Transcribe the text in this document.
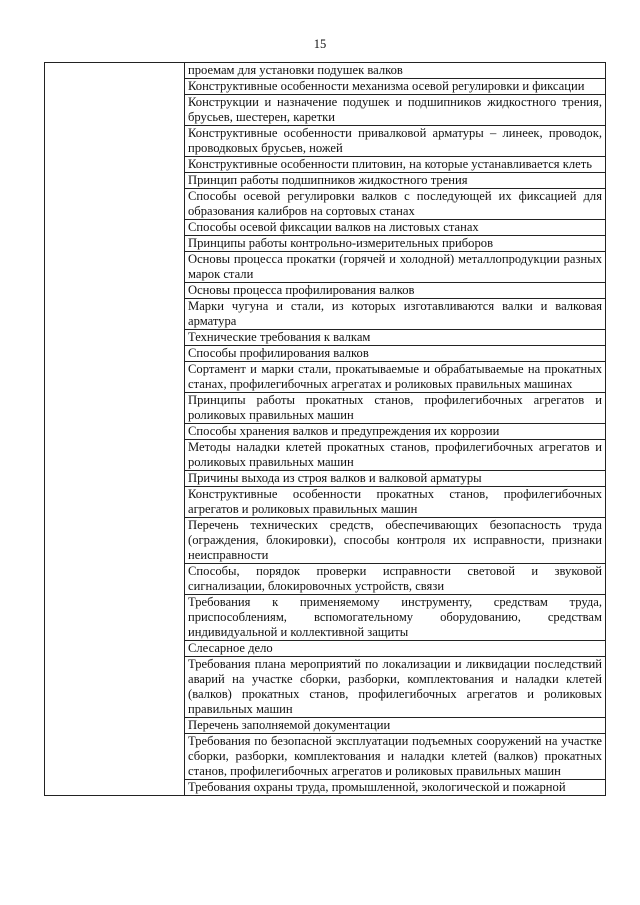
15
	проемам для установки подушек валков
Конструктивные особенности механизма осевой регулировки и фиксации
Конструкции и назначение подушек и подшипников жидкостного трения, брусьев, шестерен, каретки
Конструктивные особенности привалковой арматуры – линеек, проводок, проводковых брусьев, ножей
Конструктивные особенности плитовин, на которые устанавливается клеть
Принцип работы подшипников жидкостного трения
Способы осевой регулировки валков с последующей их фиксацией для образования калибров на сортовых станах
Способы осевой фиксации валков на листовых станах
Принципы работы контрольно-измерительных приборов
Основы процесса прокатки (горячей и холодной) металлопродукции разных марок стали
Основы процесса профилирования валков
Марки чугуна и стали, из которых изготавливаются валки и валковая арматура
Технические требования к валкам
Способы профилирования валков
Сортамент и марки стали, прокатываемые и обрабатываемые на прокатных станах, профилегибочных агрегатах и роликовых правильных машинах
Принципы работы прокатных станов, профилегибочных агрегатов и роликовых правильных машин
Способы хранения валков и предупреждения их коррозии
Методы наладки клетей прокатных станов, профилегибочных агрегатов и роликовых правильных машин
Причины выхода из строя валков и валковой арматуры
Конструктивные особенности прокатных станов, профилегибочных агрегатов и роликовых правильных машин
Перечень технических средств, обеспечивающих безопасность труда (ограждения, блокировки), способы контроля их исправности, признаки неисправности
Способы, порядок проверки исправности световой и звуковой сигнализации, блокировочных устройств, связи
Требования к применяемому инструменту, средствам труда, приспособлениям, вспомогательному оборудованию, средствам индивидуальной и коллективной защиты
Слесарное дело
Требования плана мероприятий по локализации и ликвидации последствий аварий на участке сборки, разборки, комплектования и наладки клетей (валков) прокатных станов, профилегибочных агрегатов и роликовых правильных машин
Перечень заполняемой документации
Требования по безопасной эксплуатации подъемных сооружений на участке сборки, разборки, комплектования и наладки клетей (валков) прокатных станов, профилегибочных агрегатов и роликовых правильных машин
Требования охраны труда, промышленной, экологической и пожарной
